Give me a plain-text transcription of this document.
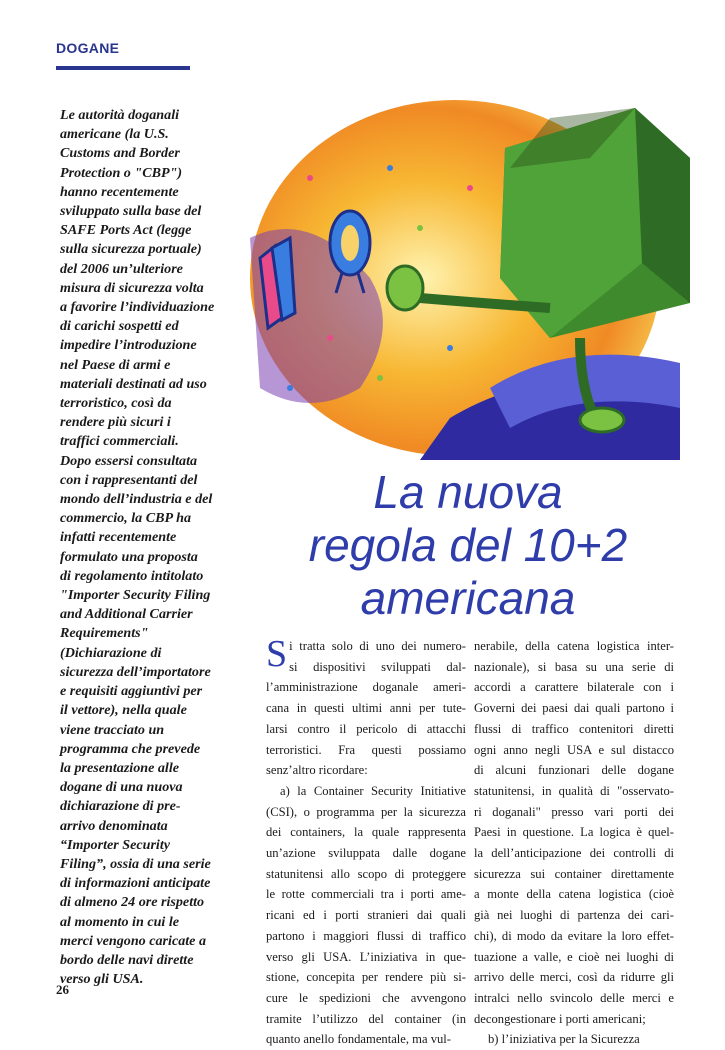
DOGANE
Le autorità doganali
americane (la U.S.
Customs and Border
Protection o "CBP")
hanno recentemente
sviluppato sulla base del
SAFE Ports Act (legge
sulla sicurezza portuale)
del 2006 un’ulteriore
misura di sicurezza volta
a favorire l’individuazione
di carichi sospetti ed
impedire l’introduzione
nel Paese di armi e
materiali destinati ad uso
terroristico, così da
rendere più sicuri i
traffici commerciali.
Dopo essersi consultata
con i rappresentanti del
mondo dell’industria e del
commercio, la CBP ha
infatti recentemente
formulato una proposta
di regolamento intitolato
"Importer Security Filing
and Additional Carrier
Requirements"
(Dichiarazione di
sicurezza dell’importatore
e requisiti aggiuntivi per
il vettore), nella quale
viene tracciato un
programma che prevede
la presentazione alle
dogane di una nuova
dichiarazione di pre-
arrivo denominata
“Importer Security
Filing”, ossia di una serie
di informazioni anticipate
di almeno 24 ore rispetto
al momento in cui le
merci vengono caricate a
bordo delle navi dirette
verso gli USA.
La nuova
regola del 10+2
americana
S i tratta solo di uno dei numero-
si dispositivi sviluppati dal-
l’amministrazione doganale ameri-
cana in questi ultimi anni per tute-
larsi contro il pericolo di attacchi
terroristici. Fra questi possiamo
senz’altro ricordare:
a) la Container Security Initiative
(CSI), o programma per la sicurezza
dei containers, la quale rappresenta
un’azione sviluppata dalle dogane
statunitensi allo scopo di proteggere
le rotte commerciali tra i porti ame-
ricani ed i porti stranieri dai quali
partono i maggiori flussi di traffico
verso gli USA. L’iniziativa in que-
stione, concepita per rendere più si-
cure le spedizioni che avvengono
tramite l’utilizzo del container (in
quanto anello fondamentale, ma vul-
nerabile, della catena logistica inter-
nazionale), si basa su una serie di
accordi a carattere bilaterale con i
Governi dei paesi dai quali partono i
flussi di traffico contenitori diretti
ogni anno negli USA e sul distacco
di alcuni funzionari delle dogane
statunitensi, in qualità di "osservato-
ri doganali" presso vari porti dei
Paesi in questione. La logica è quel-
la dell’anticipazione dei controlli di
sicurezza sui container direttamente
a monte della catena logistica (cioè
già nei luoghi di partenza dei cari-
chi), di modo da evitare la loro effet-
tuazione a valle, e cioè nei luoghi di
arrivo delle merci, così da ridurre gli
intralci nello svincolo delle merci e
decongestionare i porti americani;
b) l’iniziativa per la Sicurezza
26
